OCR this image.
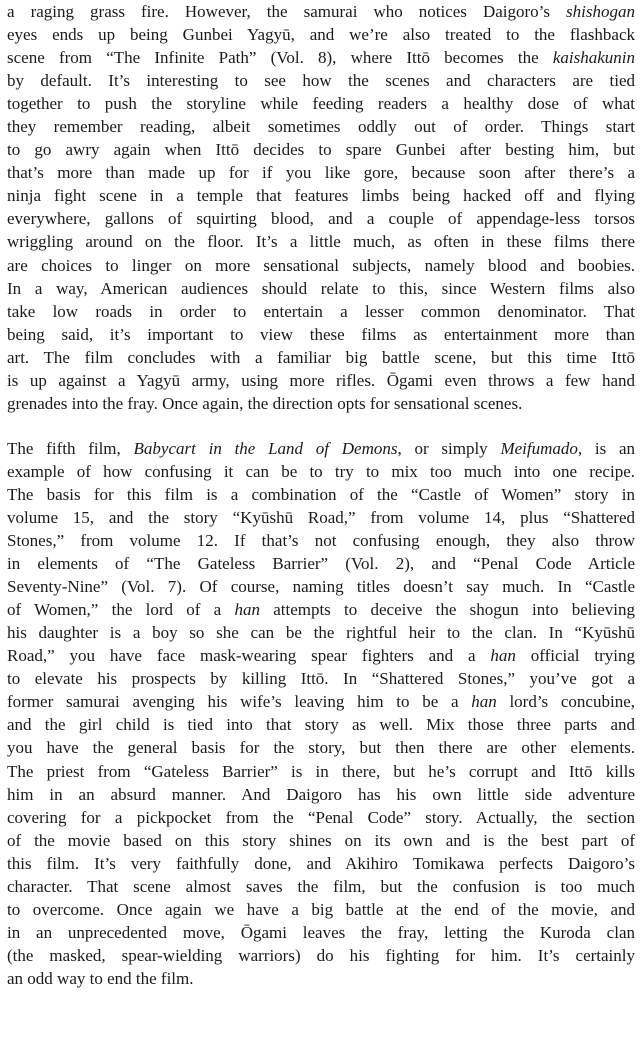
a raging grass fire. However, the samurai who notices Daigoro’s shishogan
eyes ends up being Gunbei Yagyū, and we’re also treated to the flashback
scene from “The Infinite Path” (Vol. 8), where Ittō becomes the kaishakunin
by default. It’s interesting to see how the scenes and characters are tied
together to push the storyline while feeding readers a healthy dose of what
they remember reading, albeit sometimes oddly out of order. Things start
to go awry again when Ittō decides to spare Gunbei after besting him, but
that’s more than made up for if you like gore, because soon after there’s a
ninja fight scene in a temple that features limbs being hacked off and flying
everywhere, gallons of squirting blood, and a couple of appendage-less torsos
wriggling around on the floor. It’s a little much, as often in these films there
are choices to linger on more sensational subjects, namely blood and boobies.
In a way, American audiences should relate to this, since Western films also
take low roads in order to entertain a lesser common denominator. That
being said, it’s important to view these films as entertainment more than
art. The film concludes with a familiar big battle scene, but this time Ittō
is up against a Yagyū army, using more rifles. Ōgami even throws a few hand
grenades into the fray. Once again, the direction opts for sensational scenes.
The fifth film, Babycart in the Land of Demons, or simply Meifumado, is an
example of how confusing it can be to try to mix too much into one recipe.
The basis for this film is a combination of the “Castle of Women” story in
volume 15, and the story “Kyūshū Road,” from volume 14, plus “Shattered
Stones,” from volume 12. If that’s not confusing enough, they also throw
in elements of “The Gateless Barrier” (Vol. 2), and “Penal Code Article
Seventy-Nine” (Vol. 7). Of course, naming titles doesn’t say much. In “Castle
of Women,” the lord of a han attempts to deceive the shogun into believing
his daughter is a boy so she can be the rightful heir to the clan. In “Kyūshū
Road,” you have face mask-wearing spear fighters and a han official trying
to elevate his prospects by killing Ittō. In “Shattered Stones,” you’ve got a
former samurai avenging his wife’s leaving him to be a han lord’s concubine,
and the girl child is tied into that story as well. Mix those three parts and
you have the general basis for the story, but then there are other elements.
The priest from “Gateless Barrier” is in there, but he’s corrupt and Ittō kills
him in an absurd manner. And Daigoro has his own little side adventure
covering for a pickpocket from the “Penal Code” story. Actually, the section
of the movie based on this story shines on its own and is the best part of
this film. It’s very faithfully done, and Akihiro Tomikawa perfects Daigoro’s
character. That scene almost saves the film, but the confusion is too much
to overcome. Once again we have a big battle at the end of the movie, and
in an unprecedented move, Ōgami leaves the fray, letting the Kuroda clan
(the masked, spear-wielding warriors) do his fighting for him. It’s certainly
an odd way to end the film.
